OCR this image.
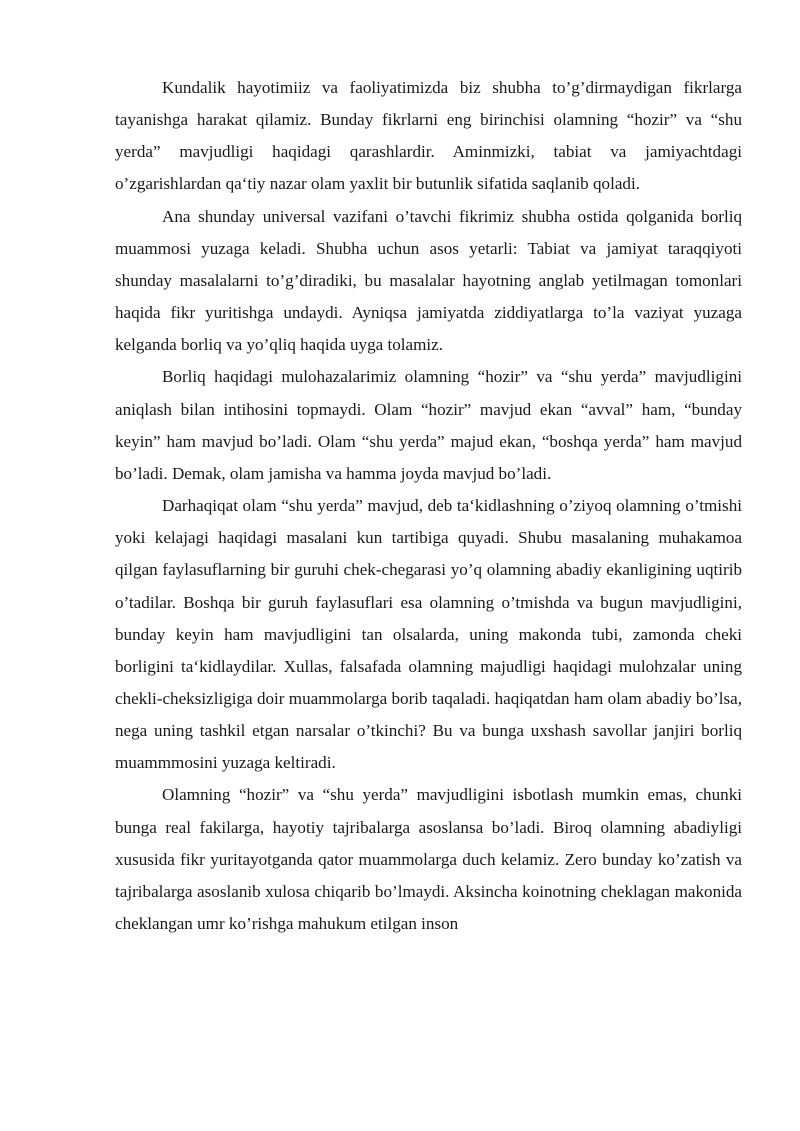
Kundalik hayotimiiz va faoliyatimizda biz shubha to’g’dirmaydigan fikrlarga tayanishga harakat qilamiz. Bunday fikrlarni eng birinchisi olamning “hozir” va “shu yerda” mavjudligi haqidagi qarashlardir. Aminmizki, tabiat va jamiyachtdagi o’zgarishlardan qa‘tiy nazar olam yaxlit bir butunlik sifatida saqlanib qoladi.

Ana shunday universal vazifani o’tavchi fikrimiz shubha ostida qolganida borliq muammosi yuzaga keladi. Shubha uchun asos yetarli: Tabiat va jamiyat taraqqiyoti shunday masalalarni to’g’diradiki, bu masalalar hayotning anglab yetilmagan tomonlari haqida fikr yuritishga undaydi. Ayniqsa jamiyatda ziddiyatlarga to’la vaziyat yuzaga kelganda borliq va yo’qliq haqida uyga tolamiz.

Borliq haqidagi mulohazalarimiz olamning “hozir” va “shu yerda” mavjudligini aniqlash bilan intihosini topmaydi. Olam “hozir” mavjud ekan “avval” ham, “bunday keyin” ham mavjud bo’ladi. Olam “shu yerda” majud ekan, “boshqa yerda” ham mavjud bo’ladi. Demak, olam jamisha va hamma joyda mavjud bo’ladi.

Darhaqiqat olam “shu yerda” mavjud, deb ta‘kidlashning o’ziyoq olamning o’tmishi yoki kelajagi haqidagi masalani kun tartibiga quyadi. Shubu masalaning muhakamoa qilgan faylasuflarning bir guruhi chek-chegarasi yo’q olamning abadiy ekanligining uqtirib o’tadilar. Boshqa bir guruh faylasuflari esa olamning o’tmishda va bugun mavjudligini, bunday keyin ham mavjudligini tan olsalarda, uning makonda tubi, zamonda cheki borligini ta‘kidlaydilar. Xullas, falsafada olamning majudligi haqidagi mulohzalar uning chekli-cheksizligiga doir muammolarga borib taqaladi. haqiqatdan ham olam abadiy bo’lsa, nega uning tashkil etgan narsalar o’tkinchi? Bu va bunga uxshash savollar janjiri borliq muammmosini yuzaga keltiradi.

Olamning “hozir” va “shu yerda” mavjudligini isbotlash mumkin emas, chunki bunga real fakilarga, hayotiy tajribalarga asoslansa bo’ladi. Biroq olamning abadiyligi xususida fikr yuritayotganda qator muammolarga duch kelamiz. Zero bunday ko’zatish va tajribalarga asoslanib xulosa chiqarib bo’lmaydi. Aksincha koinotning cheklagan makonida cheklangan umr ko’rishga mahukum etilgan inson
